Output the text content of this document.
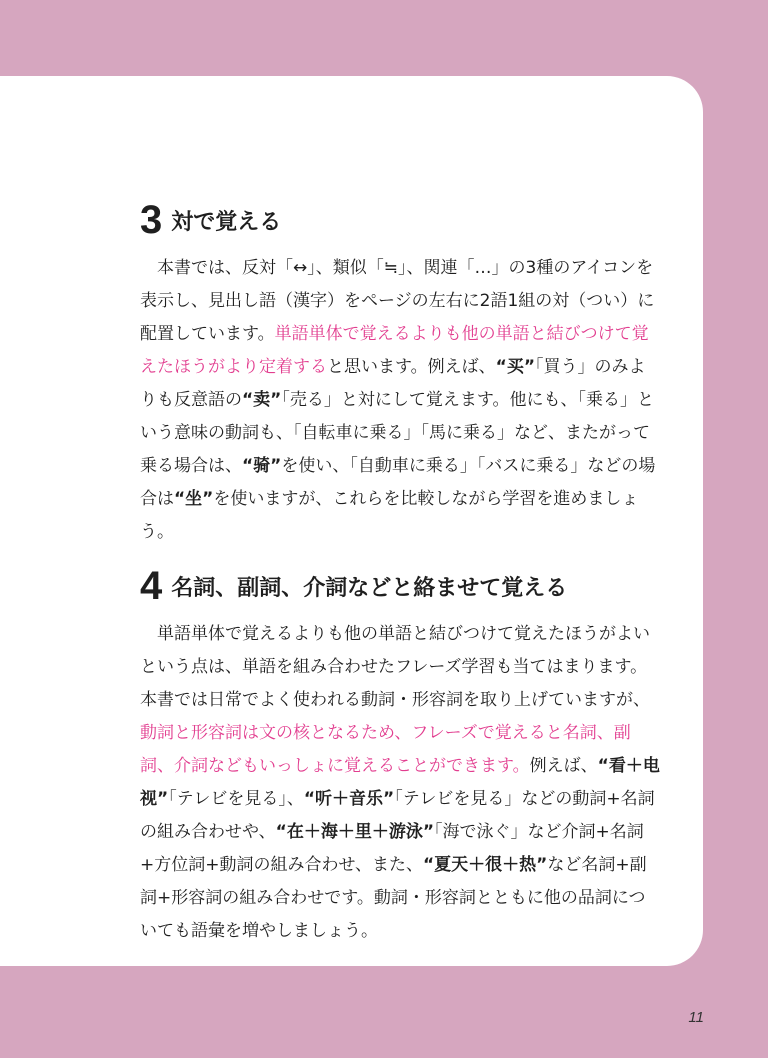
3 対で覚える

本書では、反対「↔」、類似「≒」、関連「…」の3種のアイコンを表示し、見出し語（漢字）をページの左右に2語1組の対（つい）に配置しています。単語単体で覚えるよりも他の単語と結びつけて覚えたほうがより定着すると思います。例えば、“买”「買う」のみよりも反意語の“卖”「売る」と対にして覚えます。他にも、「乗る」という意味の動詞も、「自転車に乗る」「馬に乗る」など、またがって乗る場合は、“骑”を使い、「自動車に乗る」「バスに乗る」などの場合は“坐”を使いますが、これらを比較しながら学習を進めましょう。

4 名詞、副詞、介詞などと絡ませて覚える

単語単体で覚えるよりも他の単語と結びつけて覚えたほうがよいという点は、単語を組み合わせたフレーズ学習も当てはまります。本書では日常でよく使われる動詞・形容詞を取り上げていますが、動詞と形容詞は文の核となるため、フレーズで覚えると名詞、副詞、介詞などもいっしょに覚えることができます。例えば、“看＋电视”「テレビを見る」、“听＋音乐”「テレビを見る」などの動詞+名詞の組み合わせや、“在＋海＋里＋游泳”「海で泳ぐ」など介詞+名詞+方位詞+動詞の組み合わせ、また、“夏天＋很＋热”など名詞+副詞+形容詞の組み合わせです。動詞・形容詞とともに他の品詞についても語彙を増やしましょう。

11
